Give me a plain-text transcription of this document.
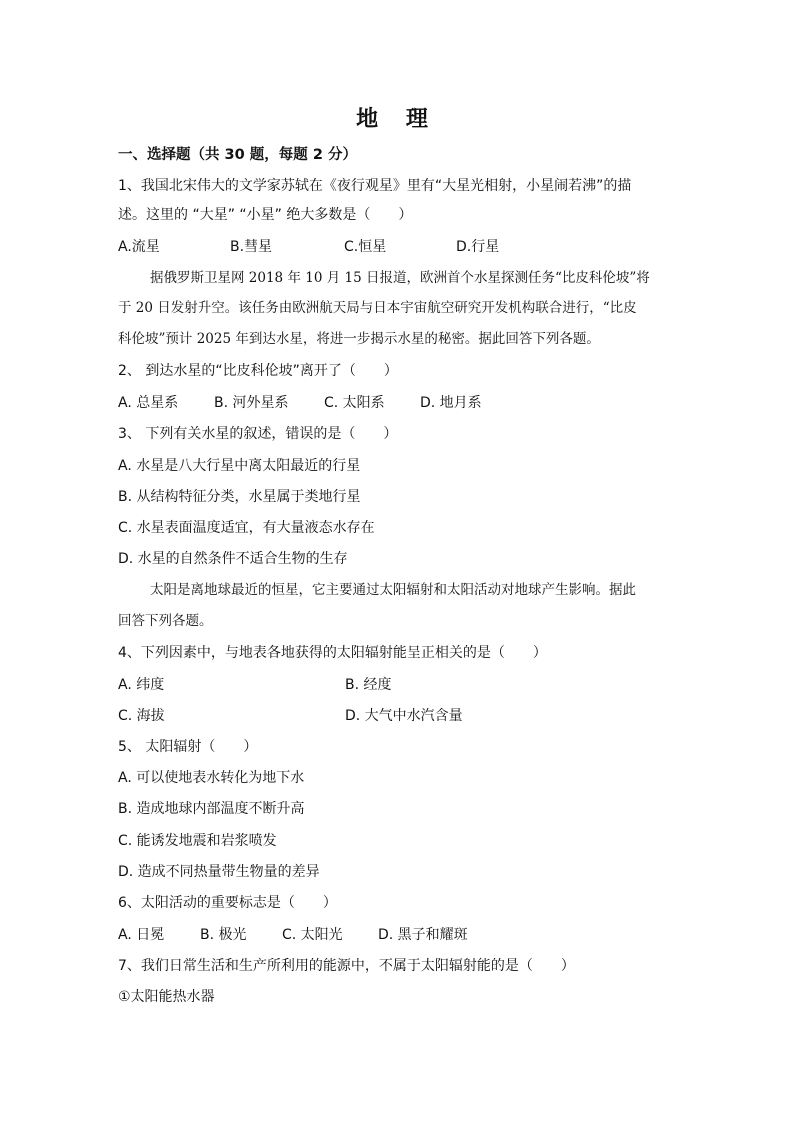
地 理
一、选择题（共 30 题，每题 2 分）
1、我国北宋伟大的文学家苏轼在《夜行观星》里有“大星光相射，小星闹若沸”的描
述。这里的 “大星” “小星” 绝大多数是（　　）
A.流星	B.彗星	C.恒星	D.行星
据俄罗斯卫星网 2018 年 10 月 15 日报道，欧洲首个水星探测任务“比皮科伦坡”将
于 20 日发射升空。该任务由欧洲航天局与日本宇宙航空研究开发机构联合进行，“比皮
科伦坡”预计 2025 年到达水星，将进一步揭示水星的秘密。据此回答下列各题。
2、 到达水星的“比皮科伦坡”离开了（　　）
A. 总星系	B. 河外星系	C. 太阳系	D. 地月系
3、 下列有关水星的叙述，错误的是（　　）
A. 水星是八大行星中离太阳最近的行星
B. 从结构特征分类，水星属于类地行星
C. 水星表面温度适宜，有大量液态水存在
D. 水星的自然条件不适合生物的生存
太阳是离地球最近的恒星，它主要通过太阳辐射和太阳活动对地球产生影响。据此
回答下列各题。
4、下列因素中，与地表各地获得的太阳辐射能呈正相关的是（　　）
A. 纬度	B. 经度
C. 海拔	D. 大气中水汽含量
5、 太阳辐射（　　）
A. 可以使地表水转化为地下水
B. 造成地球内部温度不断升高
C. 能诱发地震和岩浆喷发
D. 造成不同热量带生物量的差异
6、太阳活动的重要标志是（　　）
A. 日冕	B. 极光	C. 太阳光	D. 黑子和耀斑
7、我们日常生活和生产所利用的能源中，不属于太阳辐射能的是（　　）
①太阳能热水器
